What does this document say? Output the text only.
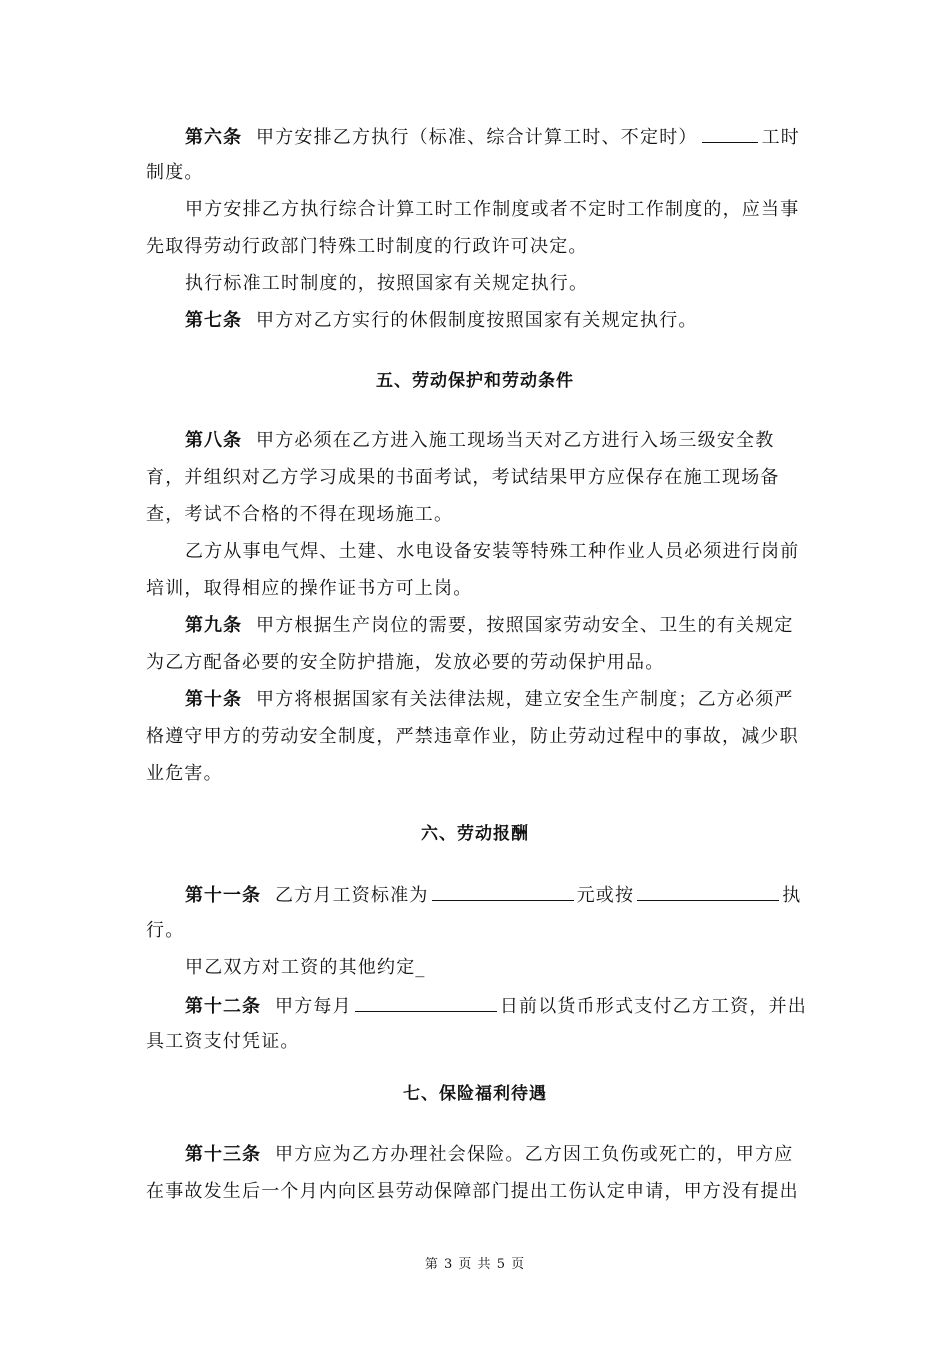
第六条 甲方安排乙方执行（标准、综合计算工时、不定时）	工时
制度。
甲方安排乙方执行综合计算工时工作制度或者不定时工作制度的，应当事
先取得劳动行政部门特殊工时制度的行政许可决定。
执行标准工时制度的，按照国家有关规定执行。
第七条 甲方对乙方实行的休假制度按照国家有关规定执行。
五、劳动保护和劳动条件
第八条 甲方必须在乙方进入施工现场当天对乙方进行入场三级安全教
育，并组织对乙方学习成果的书面考试，考试结果甲方应保存在施工现场备
查，考试不合格的不得在现场施工。
乙方从事电气焊、土建、水电设备安装等特殊工种作业人员必须进行岗前
培训，取得相应的操作证书方可上岗。
第九条 甲方根据生产岗位的需要，按照国家劳动安全、卫生的有关规定
为乙方配备必要的安全防护措施，发放必要的劳动保护用品。
第十条 甲方将根据国家有关法律法规，建立安全生产制度；乙方必须严
格遵守甲方的劳动安全制度，严禁违章作业，防止劳动过程中的事故，减少职
业危害。
六、劳动报酬
第十一条 乙方月工资标准为	元或按	执
行。
甲乙双方对工资的其他约定_
第十二条 甲方每月	日前以货币形式支付乙方工资，并出
具工资支付凭证。
七、保险福利待遇
第十三条 甲方应为乙方办理社会保险。乙方因工负伤或死亡的，甲方应
在事故发生后一个月内向区县劳动保障部门提出工伤认定申请，甲方没有提出
第 3 页 共 5 页
